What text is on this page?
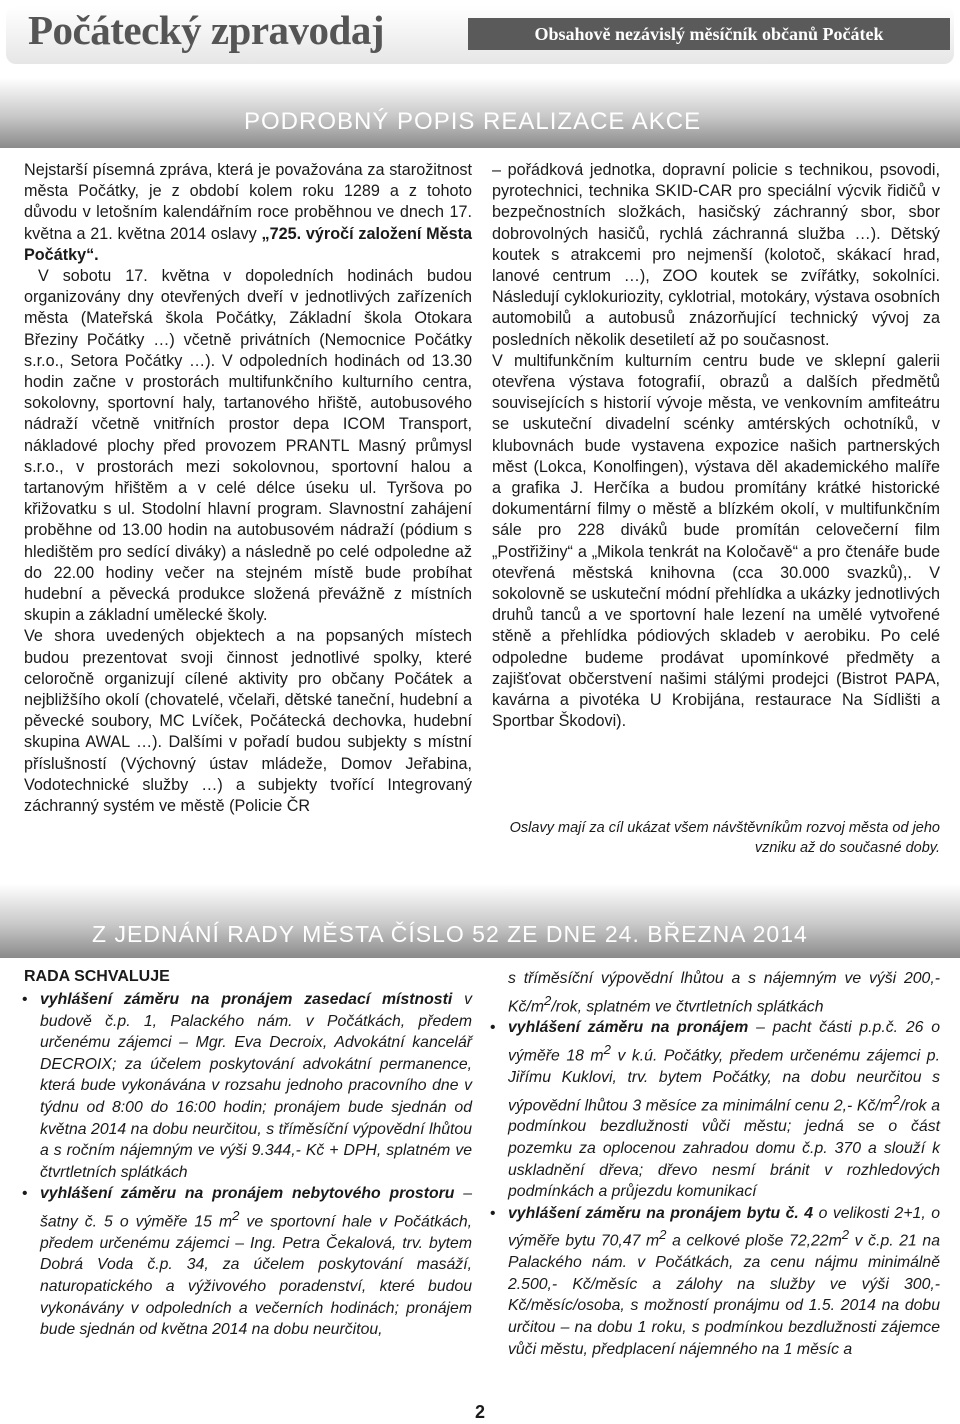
Počátecký zpravodaj	Obsahově nezávislý měsíčník občanů Počátek
PODROBNÝ POPIS REALIZACE AKCE

Nejstarší písemná zpráva, která je považována za starožitnost města Počátky, je z období kolem roku 1289 a z tohoto důvodu v letošním kalendářním roce proběhnou ve dnech 17. května a 21. května 2014 oslavy „725. výročí založení Města Počátky“.

V sobotu 17. května v dopoledních hodinách budou organizovány dny otevřených dveří v jednotlivých zařízeních města (Mateřská škola Počátky, Základní škola Otokara Březiny Počátky …) včetně privátních (Nemocnice Počátky s.r.o., Setora Počátky …). V odpoledních hodinách od 13.30 hodin začne v prostorách multifunkčního kulturního centra, sokolovny, sportovní haly, tartanového hřiště, autobusového nádraží včetně vnitřních prostor depa ICOM Transport, nákladové plochy před provozem PRANTL Masný průmysl s.r.o., v prostorách mezi sokolovnou, sportovní halou a tartanovým hřištěm a v celé délce úseku ul. Tyršova po křižovatku s ul. Stodolní hlavní program. Slavnostní zahájení proběhne od 13.00 hodin na autobusovém nádraží (pódium s hledištěm pro sedící diváky) a následně po celé odpoledne až do 22.00 hodiny večer na stejném místě bude probíhat hudební a pěvecká produkce složená převážně z místních skupin a základní umělecké školy.

Ve shora uvedených objektech a na popsaných místech budou prezentovat svoji činnost jednotlivé spolky, které celoročně organizují cílené aktivity pro občany Počátek a nejbližšího okolí (chovatelé, včelaři, dětské taneční, hudební a pěvecké soubory, MC Lvíček, Počátecká dechovka, hudební skupina AWAL …). Dalšími v pořadí budou subjekty s místní příslušností (Výchovný ústav mládeže, Domov Jeřabina, Vodotechnické služby …) a subjekty tvořící Integrovaný záchranný systém ve městě (Policie ČR

– pořádková jednotka, dopravní policie s technikou, psovodi, pyrotechnici, technika SKID-CAR pro speciální výcvik řidičů v bezpečnostních složkách, hasičský záchranný sbor, sbor dobrovolných hasičů, rychlá záchranná služba …). Dětský koutek s atrakcemi pro nejmenší (kolotoč, skákací hrad, lanové centrum …), ZOO koutek se zvířátky, sokolníci. Následují cyklokuriozity, cyklotrial, motokáry, výstava osobních automobilů a autobusů znázorňující technický vývoj za posledních několik desetiletí až po současnost.

V multifunkčním kulturním centru bude ve sklepní galerii otevřena výstava fotografií, obrazů a dalších předmětů souvisejících s historií vývoje města, ve venkovním amfiteátru se uskuteční divadelní scénky amtérských ochotníků, v klubovnách bude vystavena expozice našich partnerských měst (Lokca, Konolfingen), výstava děl akademického malíře a grafika J. Herčíka a budou promítány krátké historické dokumentární filmy o městě a blízkém okolí, v multifunkčním sále pro 228 diváků bude promítán celovečerní film „Postřižiny“ a „Mikola tenkrát na Koločavě“ a pro čtenáře bude otevřená městská knihovna (cca 30.000 svazků),. V sokolovně se uskuteční módní přehlídka a ukázky jednotlivých druhů tanců a ve sportovní hale lezení na umělé vytvořené stěně a přehlídka pódiových skladeb v aerobiku. Po celé odpoledne budeme prodávat upomínkové předměty a zajišťovat občerstvení našimi stálými prodejci (Bistrot PAPA, kavárna a pivotéka U Krobijána, restaurace Na Sídlišti a Sportbar Škodovi).

Oslavy mají za cíl ukázat všem návštěvníkům rozvoj města od jeho vzniku až do současné doby.
Z JEDNÁNÍ RADY MĚSTA ČÍSLO 52 ZE DNE 24. BŘEZNA 2014
RADA SCHVALUJE
• vyhlášení záměru na pronájem zasedací místnosti v budově č.p. 1, Palackého nám. v Počátkách, předem určenému zájemci – Mgr. Eva Decroix, Advokátní kancelář DECROIX; za účelem poskytování advokátní permanence, která bude vykonávána v rozsahu jednoho pracovního dne v týdnu od 8:00 do 16:00 hodin; pronájem bude sjednán od května 2014 na dobu neurčitou, s tříměsíční výpovědní lhůtou a s ročním nájemným ve výši 9.344,- Kč + DPH, splatném ve čtvrtletních splátkách
• vyhlášení záměru na pronájem nebytového prostoru – šatny č. 5 o výměře 15 $m^2$ ve sportovní hale v Počátkách, předem určenému zájemci – Ing. Petra Čekalová, trv. bytem Dobrá Voda č.p. 34, za účelem poskytování masáží, naturopatického a výživového poradenství, které budou vykonávány v odpoledních a večerních hodinách; pronájem bude sjednán od května 2014 na dobu neurčitou,
s tříměsíční výpovědní lhůtou a s nájemným ve výši 200,- $Kč/m^2$/rok, splatném ve čtvrtletních splátkách
• vyhlášení záměru na pronájem – pacht části p.p.č. 26 o výměře 18 $m^2$ v k.ú. Počátky, předem určenému zájemci p. Jiřímu Kuklovi, trv. bytem Počátky, na dobu neurčitou s výpovědní lhůtou 3 měsíce za minimální cenu 2,- $Kč/m^2$/rok a podmínkou bezdlužnosti vůči městu; jedná se o část pozemku za oplocenou zahradou domu č.p. 370 a slouží k uskladnění dřeva; dřevo nesmí bránit v rozhledových podmínkách a průjezdu komunikací
• vyhlášení záměru na pronájem bytu č. 4 o velikosti 2+1, o výměře bytu 70,47 $m^2$ a celkové ploše $72,22m^2$ v č.p. 21 na Palackého nám. v Počátkách, za cenu nájmu minimálně 2.500,- Kč/měsíc a zálohy na služby ve výši 300,- Kč/měsíc/osoba, s možností pronájmu od 1.5. 2014 na dobu určitou – na dobu 1 roku, s podmínkou bezdlužnosti zájemce vůči městu, předplacení nájemného na 1 měsíc a
2
